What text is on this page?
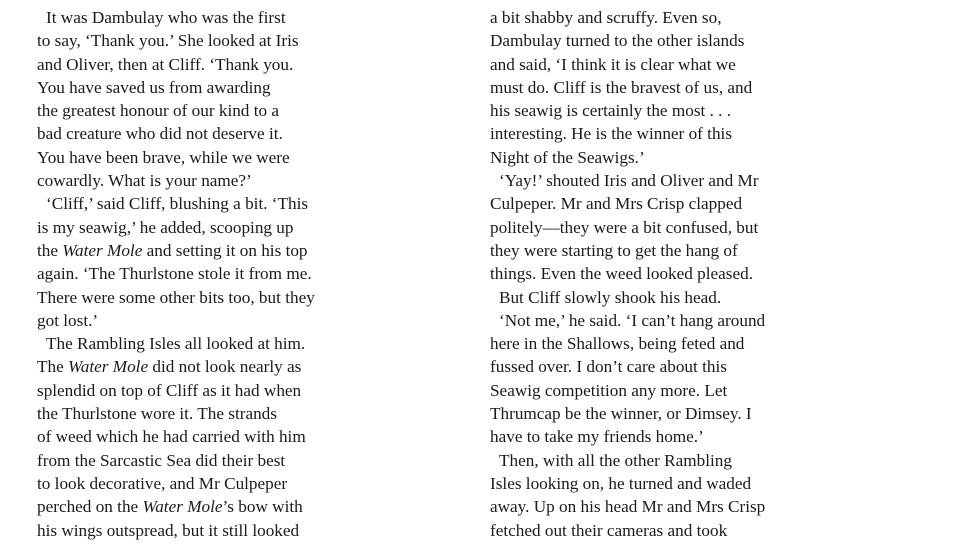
It was Dambulay who was the first
to say, ‘Thank you.’ She looked at Iris
and Oliver, then at Cliff. ‘Thank you.
You have saved us from awarding
the greatest honour of our kind to a
bad creature who did not deserve it.
You have been brave, while we were
cowardly. What is your name?’
‘Cliff,’ said Cliff, blushing a bit. ‘This
is my seawig,’ he added, scooping up
the Water Mole and setting it on his top
again. ‘The Thurlstone stole it from me.
There were some other bits too, but they
got lost.’
The Rambling Isles all looked at him.
The Water Mole did not look nearly as
splendid on top of Cliff as it had when
the Thurlstone wore it. The strands
of weed which he had carried with him
from the Sarcastic Sea did their best
to look decorative, and Mr Culpeper
perched on the Water Mole’s bow with
his wings outspread, but it still looked
a bit shabby and scruffy. Even so,
Dambulay turned to the other islands
and said, ‘I think it is clear what we
must do. Cliff is the bravest of us, and
his seawig is certainly the most . . .
interesting. He is the winner of this
Night of the Seawigs.’
‘Yay!’ shouted Iris and Oliver and Mr
Culpeper. Mr and Mrs Crisp clapped
politely—they were a bit confused, but
they were starting to get the hang of
things. Even the weed looked pleased.
But Cliff slowly shook his head.
‘Not me,’ he said. ‘I can’t hang around
here in the Shallows, being feted and
fussed over. I don’t care about this
Seawig competition any more. Let
Thrumcap be the winner, or Dimsey. I
have to take my friends home.’
Then, with all the other Rambling
Isles looking on, he turned and waded
away. Up on his head Mr and Mrs Crisp
fetched out their cameras and took
